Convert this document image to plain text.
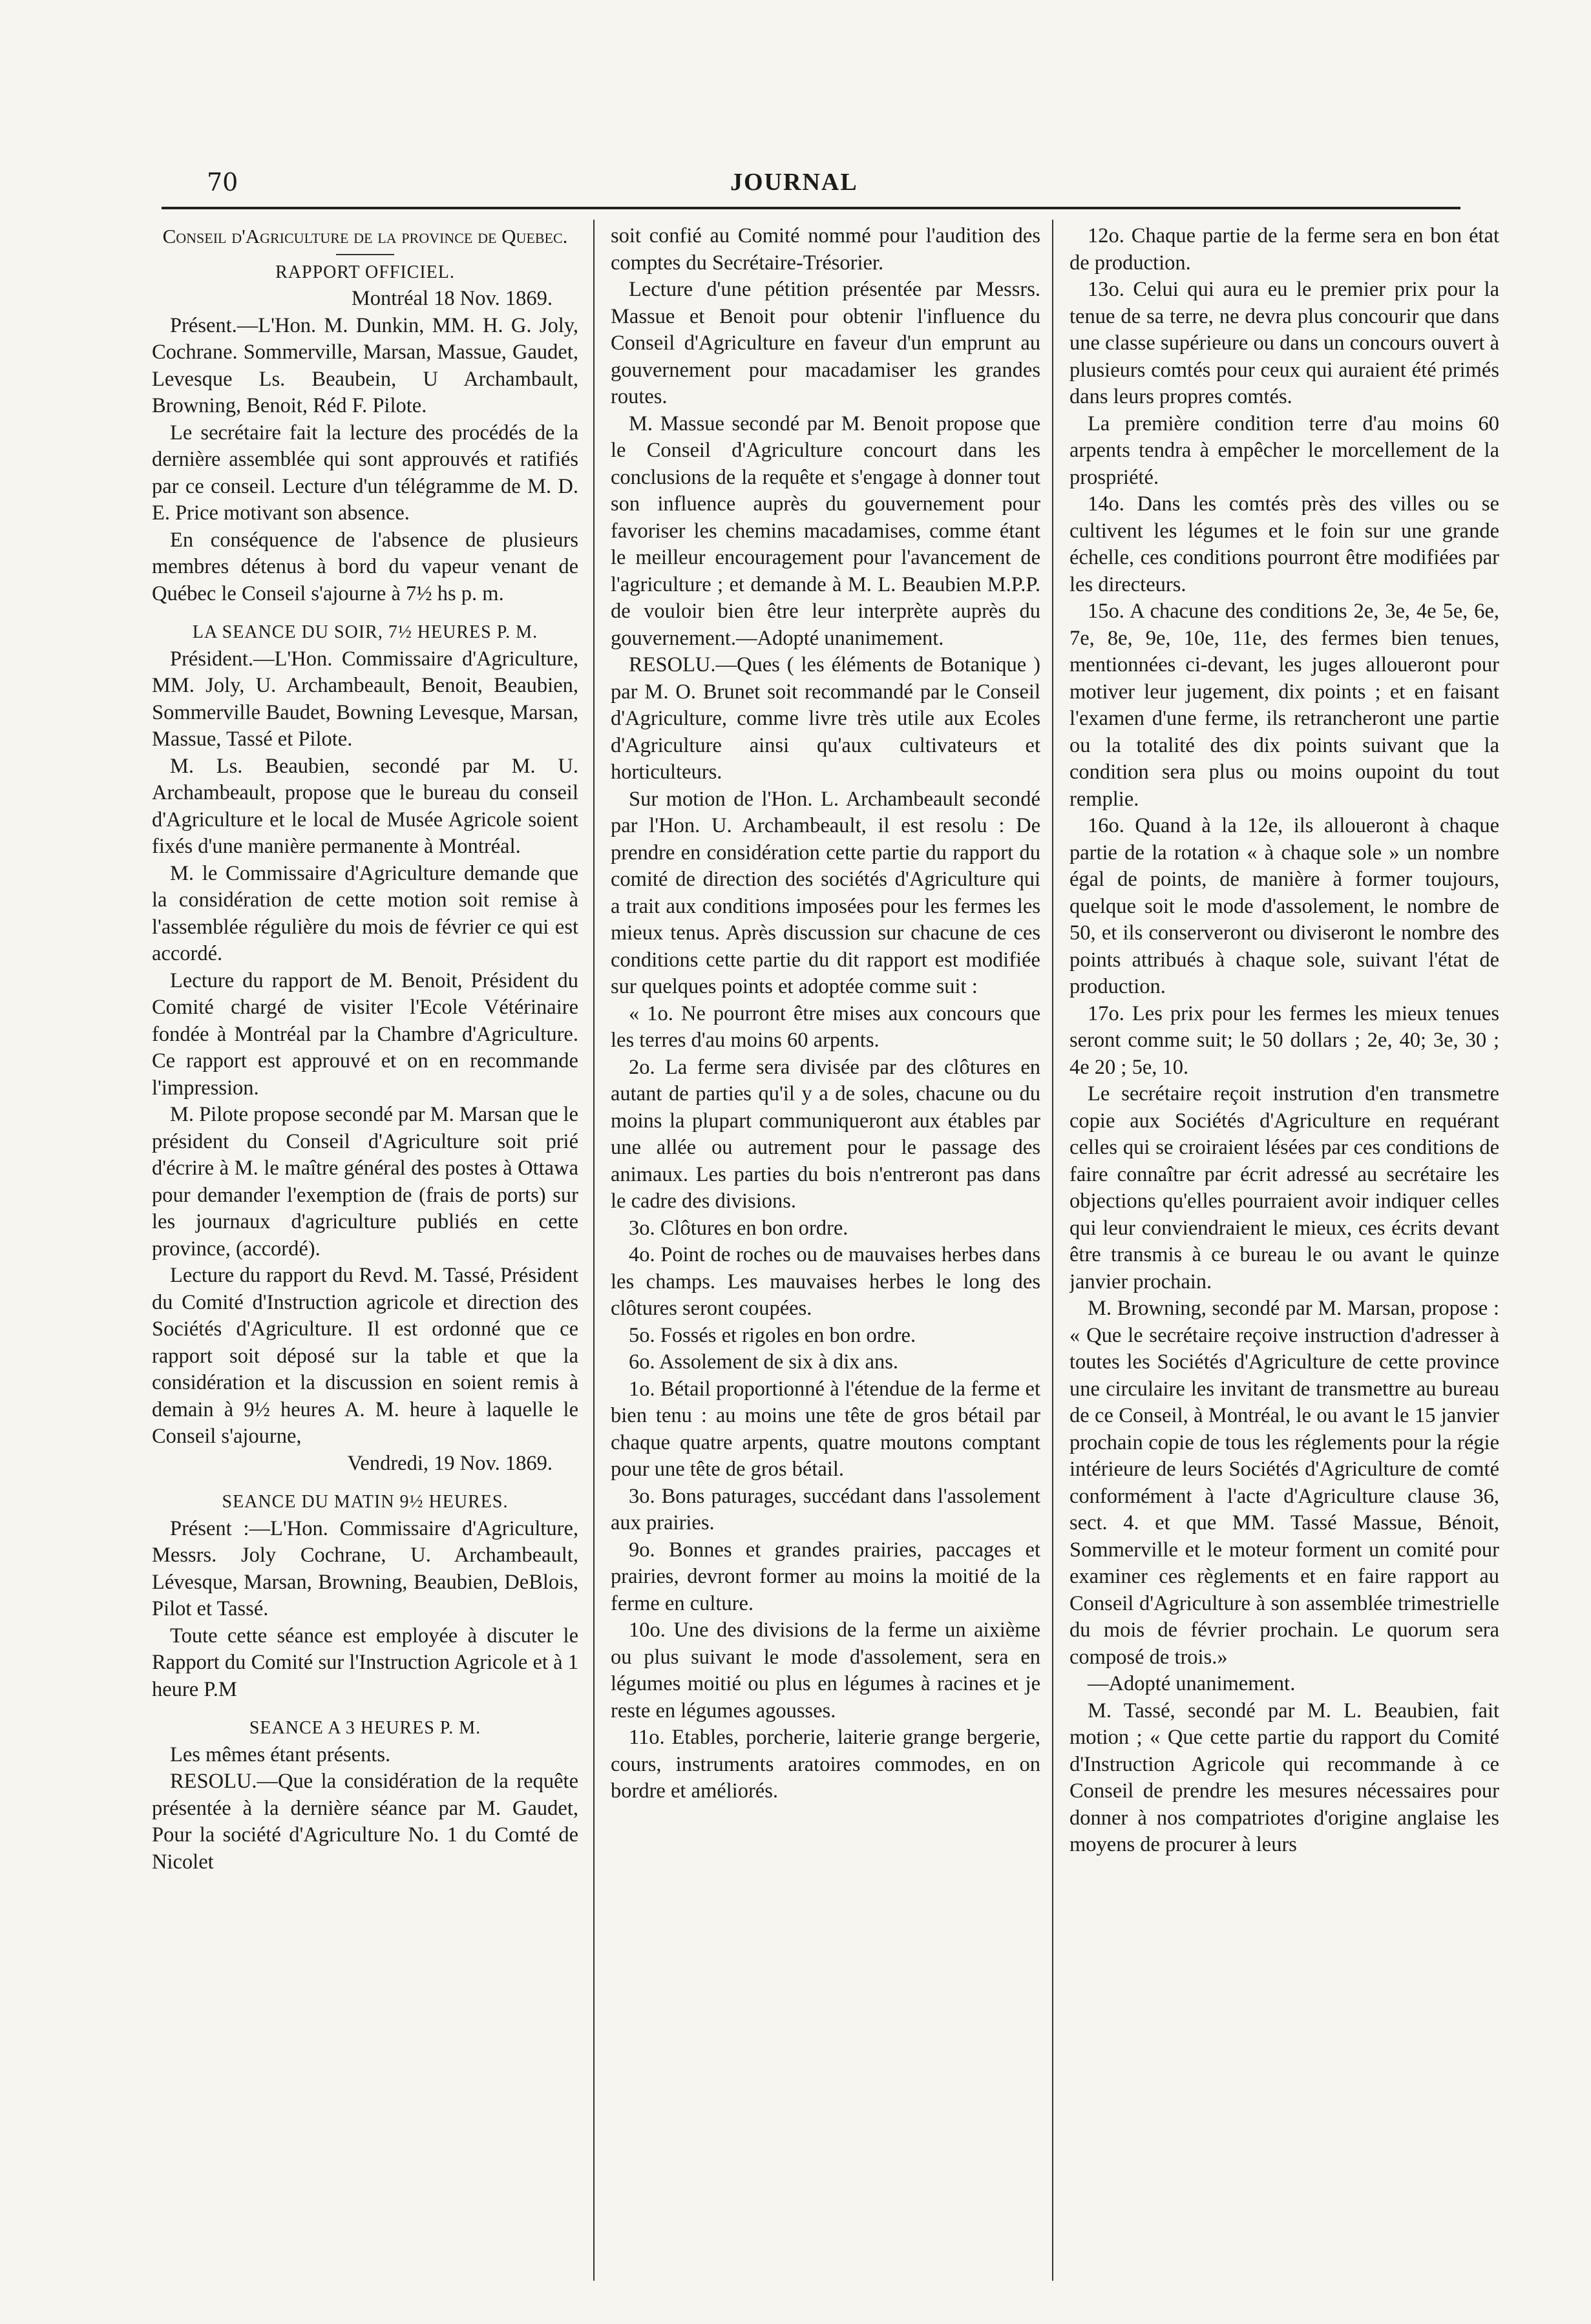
70	JOURNAL

Conseil d'Agriculture de la province de Quebec.

RAPPORT OFFICIEL.

Montréal 18 Nov. 1869.

Présent.—L'Hon. M. Dunkin, MM. H. G. Joly, Cochrane. Sommerville, Marsan, Massue, Gaudet, Levesque Ls. Beaubein, U Archambault, Browning, Benoit, Réd F. Pilote.

Le secrétaire fait la lecture des procédés de la dernière assemblée qui sont approuvés et ratifiés par ce conseil. Lecture d'un télégramme de M. D. E. Price motivant son absence.

En conséquence de l'absence de plusieurs membres détenus à bord du vapeur venant de Québec le Conseil s'ajourne à 7½ hs p. m.

LA SEANCE DU SOIR, 7½ HEURES P. M.

Président.—L'Hon. Commissaire d'Agriculture, MM. Joly, U. Archambeault, Benoit, Beaubien, Sommerville Baudet, Bowning Levesque, Marsan, Massue, Tassé et Pilote.

M. Ls. Beaubien, secondé par M. U. Archambeault, propose que le bureau du conseil d'Agriculture et le local de Musée Agricole soient fixés d'une manière permanente à Montréal.

M. le Commissaire d'Agriculture demande que la considération de cette motion soit remise à l'assemblée régulière du mois de février ce qui est accordé.

Lecture du rapport de M. Benoit, Président du Comité chargé de visiter l'Ecole Vétérinaire fondée à Montréal par la Chambre d'Agriculture. Ce rapport est approuvé et on en recommande l'impression.

M. Pilote propose secondé par M. Marsan que le président du Conseil d'Agriculture soit prié d'écrire à M. le maître général des postes à Ottawa pour demander l'exemption de (frais de ports) sur les journaux d'agriculture publiés en cette province, (accordé).

Lecture du rapport du Revd. M. Tassé, Président du Comité d'Instruction agricole et direction des Sociétés d'Agriculture. Il est ordonné que ce rapport soit déposé sur la table et que la considération et la discussion en soient remis à demain à 9½ heures A. M. heure à laquelle le Conseil s'ajourne,

Vendredi, 19 Nov. 1869.

SEANCE DU MATIN 9½ HEURES.

Présent :—L'Hon. Commissaire d'Agriculture, Messrs. Joly Cochrane, U. Archambeault, Lévesque, Marsan, Browning, Beaubien, DeBlois, Pilot et Tassé.

Toute cette séance est employée à discuter le Rapport du Comité sur l'Instruction Agricole et à 1 heure P.M

SEANCE A 3 HEURES P. M.

Les mêmes étant présents.

RESOLU.—Que la considération de la requête présentée à la dernière séance par M. Gaudet, Pour la société d'Agriculture No. 1 du Comté de Nicolet

soit confié au Comité nommé pour l'audition des comptes du Secrétaire-Trésorier.

Lecture d'une pétition présentée par Messrs. Massue et Benoit pour obtenir l'influence du Conseil d'Agriculture en faveur d'un emprunt au gouvernement pour macadamiser les grandes routes.

M. Massue secondé par M. Benoit propose que le Conseil d'Agriculture concourt dans les conclusions de la requête et s'engage à donner tout son influence auprès du gouvernement pour favoriser les chemins macadamises, comme étant le meilleur encouragement pour l'avancement de l'agriculture ; et demande à M. L. Beaubien M.P.P. de vouloir bien être leur interprète auprès du gouvernement.—Adopté unanimement.

RESOLU.—Ques ( les éléments de Botanique ) par M. O. Brunet soit recommandé par le Conseil d'Agriculture, comme livre très utile aux Ecoles d'Agriculture ainsi qu'aux cultivateurs et horticulteurs.

Sur motion de l'Hon. L. Archambeault secondé par l'Hon. U. Archambeault, il est resolu : De prendre en considération cette partie du rapport du comité de direction des sociétés d'Agriculture qui a trait aux conditions imposées pour les fermes les mieux tenus. Après discussion sur chacune de ces conditions cette partie du dit rapport est modifiée sur quelques points et adoptée comme suit :

« 1o. Ne pourront être mises aux concours que les terres d'au moins 60 arpents.

2o. La ferme sera divisée par des clôtures en autant de parties qu'il y a de soles, chacune ou du moins la plupart communiqueront aux étables par une allée ou autrement pour le passage des animaux. Les parties du bois n'entreront pas dans le cadre des divisions.

3o. Clôtures en bon ordre.

4o. Point de roches ou de mauvaises herbes dans les champs. Les mauvaises herbes le long des clôtures seront coupées.

5o. Fossés et rigoles en bon ordre.

6o. Assolement de six à dix ans.

1o. Bétail proportionné à l'étendue de la ferme et bien tenu : au moins une tête de gros bétail par chaque quatre arpents, quatre moutons comptant pour une tête de gros bétail.

3o. Bons paturages, succédant dans l'assolement aux prairies.

9o. Bonnes et grandes prairies, paccages et prairies, devront former au moins la moitié de la ferme en culture.

10o. Une des divisions de la ferme un aixième ou plus suivant le mode d'assolement, sera en légumes moitié ou plus en légumes à racines et je reste en légumes agousses.

11o. Etables, porcherie, laiterie grange bergerie, cours, instruments aratoires commodes, en on bordre et améliorés.

12o. Chaque partie de la ferme sera en bon état de production.

13o. Celui qui aura eu le premier prix pour la tenue de sa terre, ne devra plus concourir que dans une classe supérieure ou dans un concours ouvert à plusieurs comtés pour ceux qui auraient été primés dans leurs propres comtés.

La première condition terre d'au moins 60 arpents tendra à empêcher le morcellement de la prospriété.

14o. Dans les comtés près des villes ou se cultivent les légumes et le foin sur une grande échelle, ces conditions pourront être modifiées par les directeurs.

15o. A chacune des conditions 2e, 3e, 4e 5e, 6e, 7e, 8e, 9e, 10e, 11e, des fermes bien tenues, mentionnées ci-devant, les juges alloueront pour motiver leur jugement, dix points ; et en faisant l'examen d'une ferme, ils retrancheront une partie ou la totalité des dix points suivant que la condition sera plus ou moins oupoint du tout remplie.

16o. Quand à la 12e, ils alloueront à chaque partie de la rotation « à chaque sole » un nombre égal de points, de manière à former toujours, quelque soit le mode d'assolement, le nombre de 50, et ils conserveront ou diviseront le nombre des points attribués à chaque sole, suivant l'état de production.

17o. Les prix pour les fermes les mieux tenues seront comme suit; le 50 dollars ; 2e, 40; 3e, 30 ; 4e 20 ; 5e, 10.

Le secrétaire reçoit instrution d'en transmetre copie aux Sociétés d'Agriculture en requérant celles qui se croiraient lésées par ces conditions de faire connaître par écrit adressé au secrétaire les objections qu'elles pourraient avoir indiquer celles qui leur conviendraient le mieux, ces écrits devant être transmis à ce bureau le ou avant le quinze janvier prochain.

M. Browning, secondé par M. Marsan, propose : « Que le secrétaire reçoive instruction d'adresser à toutes les Sociétés d'Agriculture de cette province une circulaire les invitant de transmettre au bureau de ce Conseil, à Montréal, le ou avant le 15 janvier prochain copie de tous les réglements pour la régie intérieure de leurs Sociétés d'Agriculture de comté conformément à l'acte d'Agriculture clause 36, sect. 4. et que MM. Tassé Massue, Bénoit, Sommerville et le moteur forment un comité pour examiner ces règlements et en faire rapport au Conseil d'Agriculture à son assemblée trimestrielle du mois de février prochain. Le quorum sera composé de trois.»

—Adopté unanimement.

M. Tassé, secondé par M. L. Beaubien, fait motion ; « Que cette partie du rapport du Comité d'Instruction Agricole qui recommande à ce Conseil de prendre les mesures nécessaires pour donner à nos compatriotes d'origine anglaise les moyens de procurer à leurs
